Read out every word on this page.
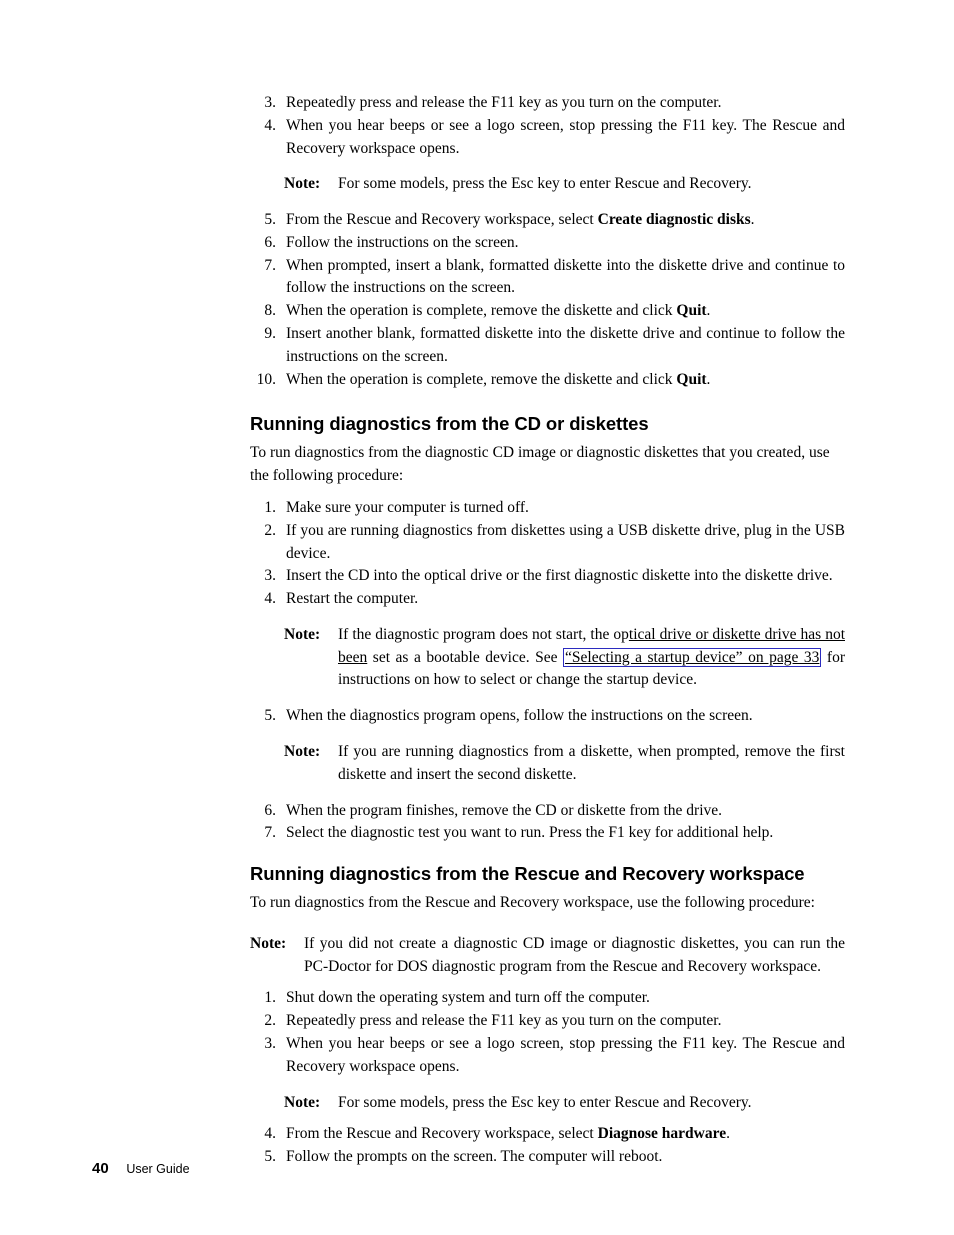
3. Repeatedly press and release the F11 key as you turn on the computer.
4. When you hear beeps or see a logo screen, stop pressing the F11 key. The Rescue and Recovery workspace opens.
Note:	For some models, press the Esc key to enter Rescue and Recovery.
5. From the Rescue and Recovery workspace, select Create diagnostic disks.
6. Follow the instructions on the screen.
7. When prompted, insert a blank, formatted diskette into the diskette drive and continue to follow the instructions on the screen.
8. When the operation is complete, remove the diskette and click Quit.
9. Insert another blank, formatted diskette into the diskette drive and continue to follow the instructions on the screen.
10. When the operation is complete, remove the diskette and click Quit.
Running diagnostics from the CD or diskettes

To run diagnostics from the diagnostic CD image or diagnostic diskettes that you created, use the following procedure:

1. Make sure your computer is turned off.
2. If you are running diagnostics from diskettes using a USB diskette drive, plug in the USB device.
3. Insert the CD into the optical drive or the first diagnostic diskette into the diskette drive.
4. Restart the computer.
Note:	If the diagnostic program does not start, the optical drive or diskette drive has not been set as a bootable device. See “Selecting a startup device” on page 33 for instructions on how to select or change the startup device.
5. When the diagnostics program opens, follow the instructions on the screen.
Note:	If you are running diagnostics from a diskette, when prompted, remove the first diskette and insert the second diskette.
6. When the program finishes, remove the CD or diskette from the drive.
7. Select the diagnostic test you want to run. Press the F1 key for additional help.
Running diagnostics from the Rescue and Recovery workspace

To run diagnostics from the Rescue and Recovery workspace, use the following procedure:

Note:	If you did not create a diagnostic CD image or diagnostic diskettes, you can run the PC-Doctor for DOS diagnostic program from the Rescue and Recovery workspace.
1. Shut down the operating system and turn off the computer.
2. Repeatedly press and release the F11 key as you turn on the computer.
3. When you hear beeps or see a logo screen, stop pressing the F11 key. The Rescue and Recovery workspace opens.
Note:	For some models, press the Esc key to enter Rescue and Recovery.
4. From the Rescue and Recovery workspace, select Diagnose hardware.
5. Follow the prompts on the screen. The computer will reboot.
40 User Guide
